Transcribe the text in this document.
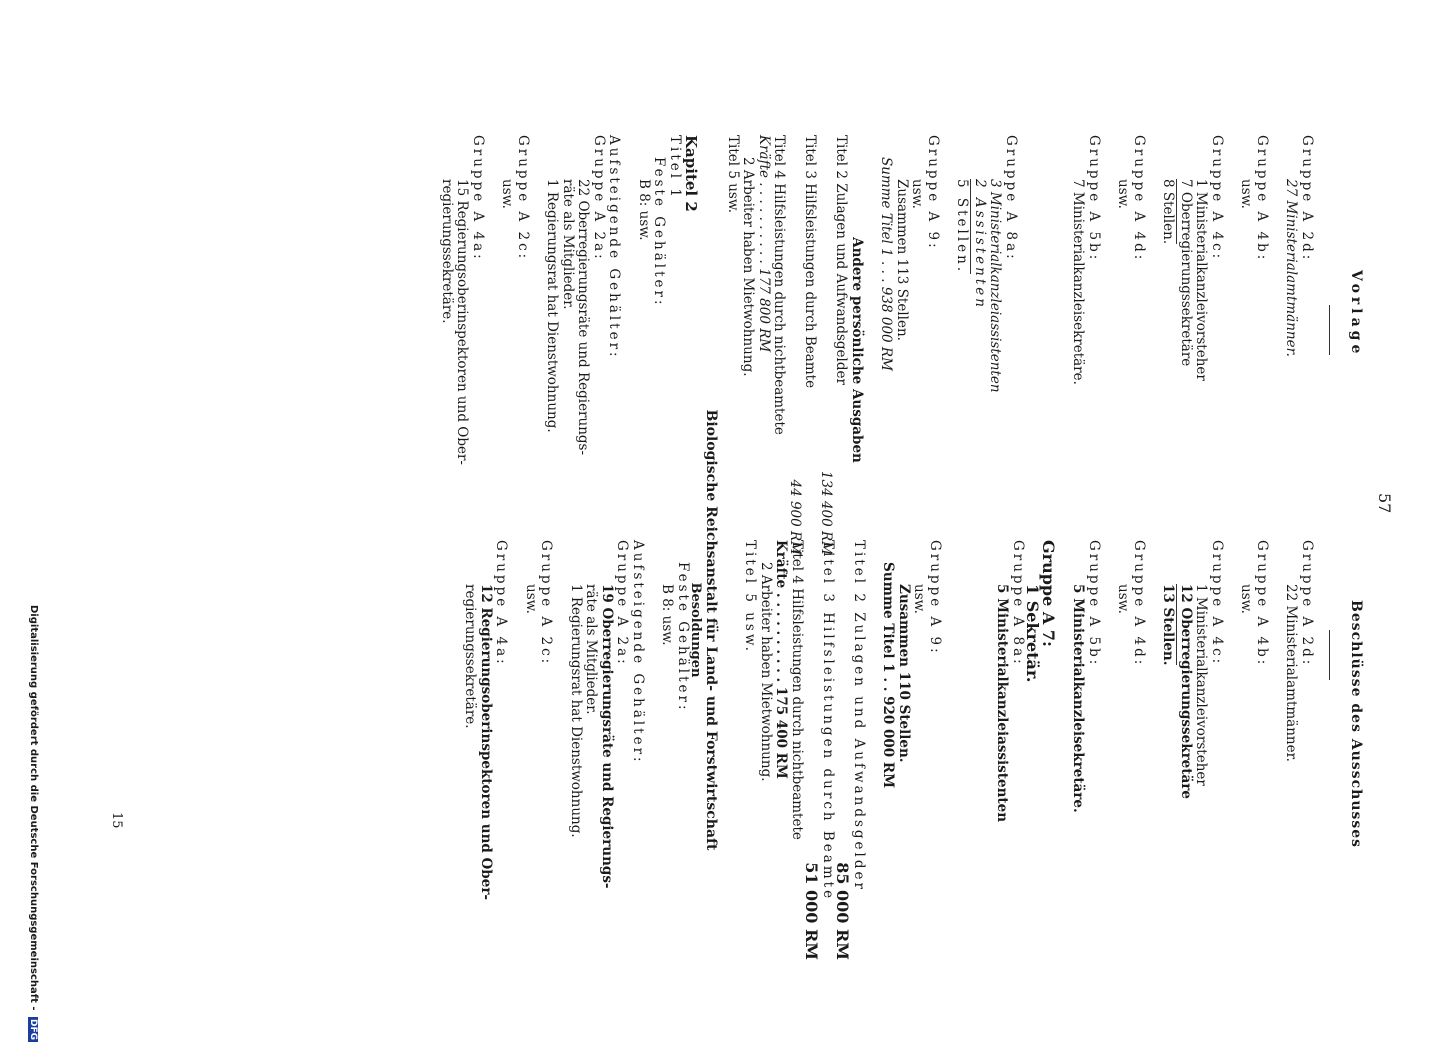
Vorlage
57
Beschlüsse des Ausschusses
Gruppe A 2d:
27 Ministerialamtmänner.
Gruppe A 4b:
usw.
Gruppe A 4c:
1 Ministerialkanzleivorsteher
7 Oberregierungssekretäre
8 Stellen.
Gruppe A 4d:
usw.
Gruppe A 5b:
7 Ministerialkanzleisekretäre.
Gruppe A 8a:
3 Ministerialkanzleiassistenten
2 Assistenten
5 Stellen.
Gruppe A 9:
usw.
Zusammen 113 Stellen.
Summe Titel 1 . . . 938 000 RM
Andere persönliche Ausgaben
Titel 2 Zulagen und Aufwandsgelder
134 400 RM
Titel 3 Hilfsleistungen durch Beamte
44 900 RM
Titel 4 Hilfsleistungen durch nichtbeamtete
Kräfte . . . . . . . . . . 177 800 RM
2 Arbeiter haben Mietwohnung.
Titel 5 usw.
Kapitel 2
Titel 1
Feste Gehälter:
B 8: usw.
Aufsteigende Gehälter:
Gruppe A 2a:
22 Oberregierungsräte und Regierungs-
räte als Mitglieder.
1 Regierungsrat hat Dienstwohnung.
Gruppe A 2c:
usw.
Gruppe A 4a:
15 Regierungsoberinspektoren und Ober-
regierungssekretäre.
Biologische Reichsanstalt für Land- und Forstwirtschaft
Besoldungen	Gruppe A 2d:
22 Ministerialamtmänner.
Gruppe A 4b:
usw.
Gruppe A 4c:
1 Ministerialkanzleivorsteher
12 Oberregierungssekretäre
13 Stellen.
Gruppe A 4d:
usw.
Gruppe A 5b:
5 Ministerialkanzleisekretäre.
Gruppe A 7:
1 Sekretär.
Gruppe A 8a:
5 Ministerialkanzleiassistenten
Gruppe A 9:
usw.
Zusammen 110 Stellen.
Summe Titel 1 . . 920 000 RM
Titel 2 Zulagen und Aufwandsgelder
85 000 RM
Titel 3 Hilfsleistungen durch Beamte
51 000 RM
Titel 4 Hilfsleistungen durch nichtbeamtete
Kräfte . . . . . . . . . . 175 400 RM
2 Arbeiter haben Mietwohnung.
Titel 5 usw.
Feste Gehälter:
B 8: usw.
Aufsteigende Gehälter:
Gruppe A 2a:
19 Oberregierungsräte und Regierungs-
räte als Mitglieder.
1 Regierungsrat hat Dienstwohnung.
Gruppe A 2c:
usw.
Gruppe A 4a:
12 Regierungsoberinspektoren und Ober-
regierungssekretäre.
15
Digitalisierung gefördert durch die Deutsche Forschungsgemeinschaft - DFG
